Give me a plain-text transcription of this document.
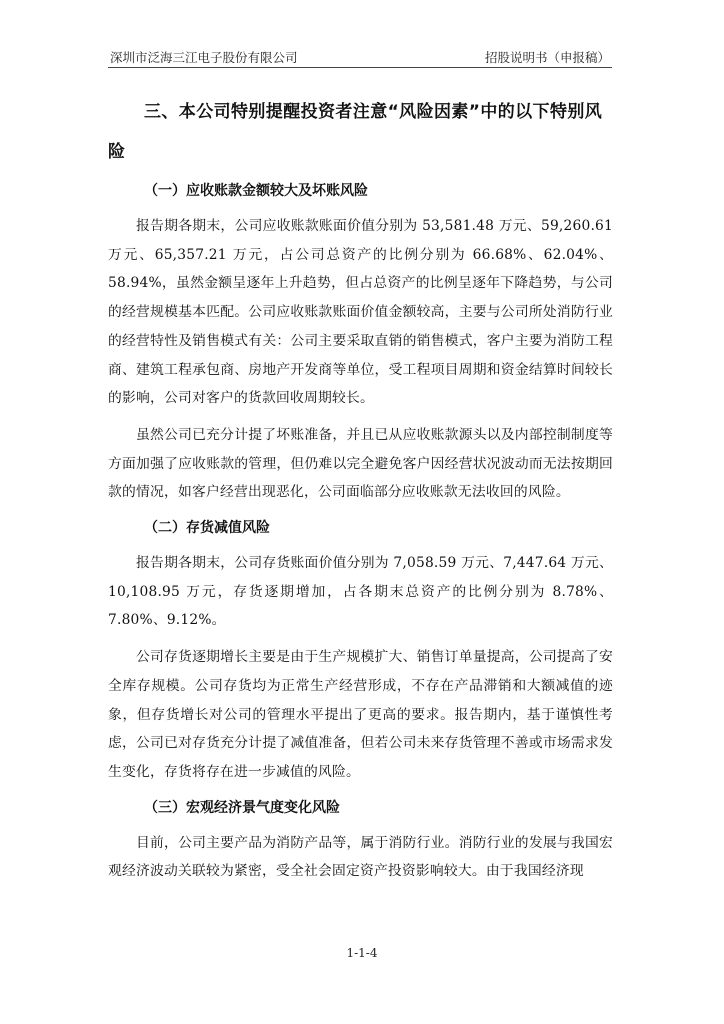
深圳市泛海三江电子股份有限公司	招股说明书（申报稿）
三、本公司特别提醒投资者注意“风险因素”中的以下特别风险
（一）应收账款金额较大及坏账风险

报告期各期末，公司应收账款账面价值分别为 53,581.48 万元、59,260.61 万元、65,357.21 万元，占公司总资产的比例分别为 66.68%、62.04%、58.94%，虽然金额呈逐年上升趋势，但占总资产的比例呈逐年下降趋势，与公司的经营规模基本匹配。公司应收账款账面价值金额较高，主要与公司所处消防行业的经营特性及销售模式有关：公司主要采取直销的销售模式，客户主要为消防工程商、建筑工程承包商、房地产开发商等单位，受工程项目周期和资金结算时间较长的影响，公司对客户的货款回收周期较长。

虽然公司已充分计提了坏账准备，并且已从应收账款源头以及内部控制制度等方面加强了应收账款的管理，但仍难以完全避免客户因经营状况波动而无法按期回款的情况，如客户经营出现恶化，公司面临部分应收账款无法收回的风险。

（二）存货减值风险

报告期各期末，公司存货账面价值分别为 7,058.59 万元、7,447.64 万元、10,108.95 万元，存货逐期增加，占各期末总资产的比例分别为 8.78%、7.80%、9.12%。

公司存货逐期增长主要是由于生产规模扩大、销售订单量提高，公司提高了安全库存规模。公司存货均为正常生产经营形成，不存在产品滞销和大额减值的迹象，但存货增长对公司的管理水平提出了更高的要求。报告期内，基于谨慎性考虑，公司已对存货充分计提了减值准备，但若公司未来存货管理不善或市场需求发生变化，存货将存在进一步减值的风险。

（三）宏观经济景气度变化风险

目前，公司主要产品为消防产品等，属于消防行业。消防行业的发展与我国宏观经济波动关联较为紧密，受全社会固定资产投资影响较大。由于我国经济现

1-1-4
